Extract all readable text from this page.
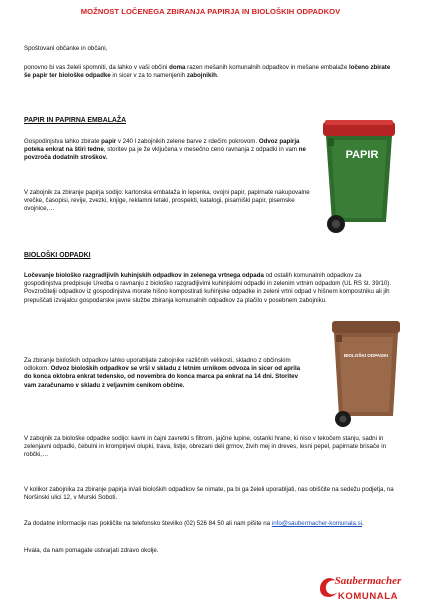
MOŽNOST LOČENEGA ZBIRANJA PAPIRJA IN BIOLOŠKIH ODPADKOV

Spoštovani občanke in občani,

ponovno bi vas želeli spomniti, da lahko v vaši občini doma razen mešanih komunalnih odpadkov in mešane embalaže ločeno zbirate še papir ter biološke odpadke in sicer v za to namenjenih zabojnikih.

PAPIR IN PAPIRNA EMBALAŽA

Gospodinjstva lahko zbirate papir v 240 l zabojnikih zelene barve z rdečim pokrovom. Odvoz papirja poteka enkrat na štiri tedne, storitev pa je že vključena v mesečno ceno ravnanja z odpadki in vam ne povzroča dodatnih stroškov.

V zabojnik za zbiranje papirja sodijo: kartonska embalaža in lepenka, ovojni papir, papirnate nakupovalne vrečke, časopisi, revije, zvezki, knjige, reklamni letaki, prospekti, katalogi, pisarniški papir, pisemske ovojnice,…

PAPIR
BIOLOŠKI ODPADKI

Ločevanje biološko razgradljivih kuhinjskih odpadkov in zelenega vrtnega odpada od ostalih komunalnih odpadkov za gospodinjstva predpisuje Uredba o ravnanju z biološko razgradljivimi kuhinjskimi odpadki in zelenim vrtnim odpadom (UL RS št. 39/10). Povzročitelji odpadkov iz gospodinjstva morate hišno kompostirati kuhinjske odpadke in zeleni vrtni odpad v hišnem kompostniku ali jih prepuščati izvajalcu gospodarske javne službe zbiranja komunalnih odpadkov za plačilo v posebnem zabojniku.

Za zbiranje bioloških odpadkov lahko uporabljate zabojnike različnih velikosti, skladno z občinskim odlokom. Odvoz bioloških odpadkov se vrši v skladu z letnim urnikom odvoza in sicer od aprila do konca oktobra enkrat tedensko, od novembra do konca marca pa enkrat na 14 dni. Storitev vam zaračunamo v skladu z veljavnim cenikom občine.

BIOLOŠKI ODPADKI

V zabojnik za biološke odpadke sodijo: kavni in čajni zavretki s filtrom, jajčne lupine, ostanki hrane, ki niso v tekočem stanju, sadni in zelenjavni odpadki, čebulni in krompirjevi olupki, trava, listje, obrezani deli grmov, živih mej in dreves, lesni pepel, papirnate brisače in robčki,…

V kolikor zabojnika za zbiranje papirja in/ali bioloških odpadkov še nimate, pa bi ga želeli uporabljati, nas obiščite na sedežu podjetja, na Noršinski ulici 12, v Murski Soboti.

Za dodatne informacije nas pokličite na telefonsko številko (02) 526 84 50 ali nam pišite na info@saubermacher-komunala.si.

Hvala, da nam pomagate ustvarjati zdravo okolje.

Saubermacher
KOMUNALA
